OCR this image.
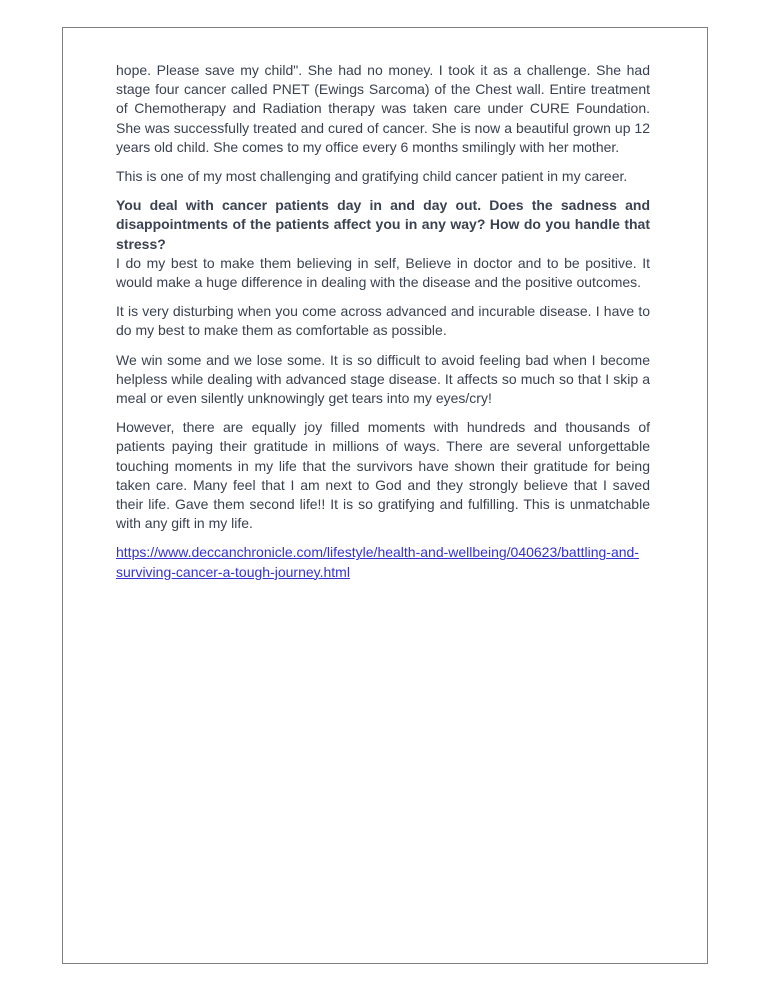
hope. Please save my child". She had no money. I took it as a challenge. She had stage four cancer called PNET (Ewings Sarcoma) of the Chest wall. Entire treatment of Chemotherapy and Radiation therapy was taken care under CURE Foundation. She was successfully treated and cured of cancer. She is now a beautiful grown up 12 years old child. She comes to my office every 6 months smilingly with her mother.

This is one of my most challenging and gratifying child cancer patient in my career.

You deal with cancer patients day in and day out. Does the sadness and disappointments of the patients affect you in any way? How do you handle that stress?

I do my best to make them believing in self, Believe in doctor and to be positive. It would make a huge difference in dealing with the disease and the positive outcomes.

It is very disturbing when you come across advanced and incurable disease. I have to do my best to make them as comfortable as possible.

We win some and we lose some. It is so difficult to avoid feeling bad when I become helpless while dealing with advanced stage disease. It affects so much so that I skip a meal or even silently unknowingly get tears into my eyes/cry!

However, there are equally joy filled moments with hundreds and thousands of patients paying their gratitude in millions of ways. There are several unforgettable touching moments in my life that the survivors have shown their gratitude for being taken care. Many feel that I am next to God and they strongly believe that I saved their life. Gave them second life!! It is so gratifying and fulfilling. This is unmatchable with any gift in my life.

https://www.deccanchronicle.com/lifestyle/health-and-wellbeing/040623/battling-and-surviving-cancer-a-tough-journey.html
